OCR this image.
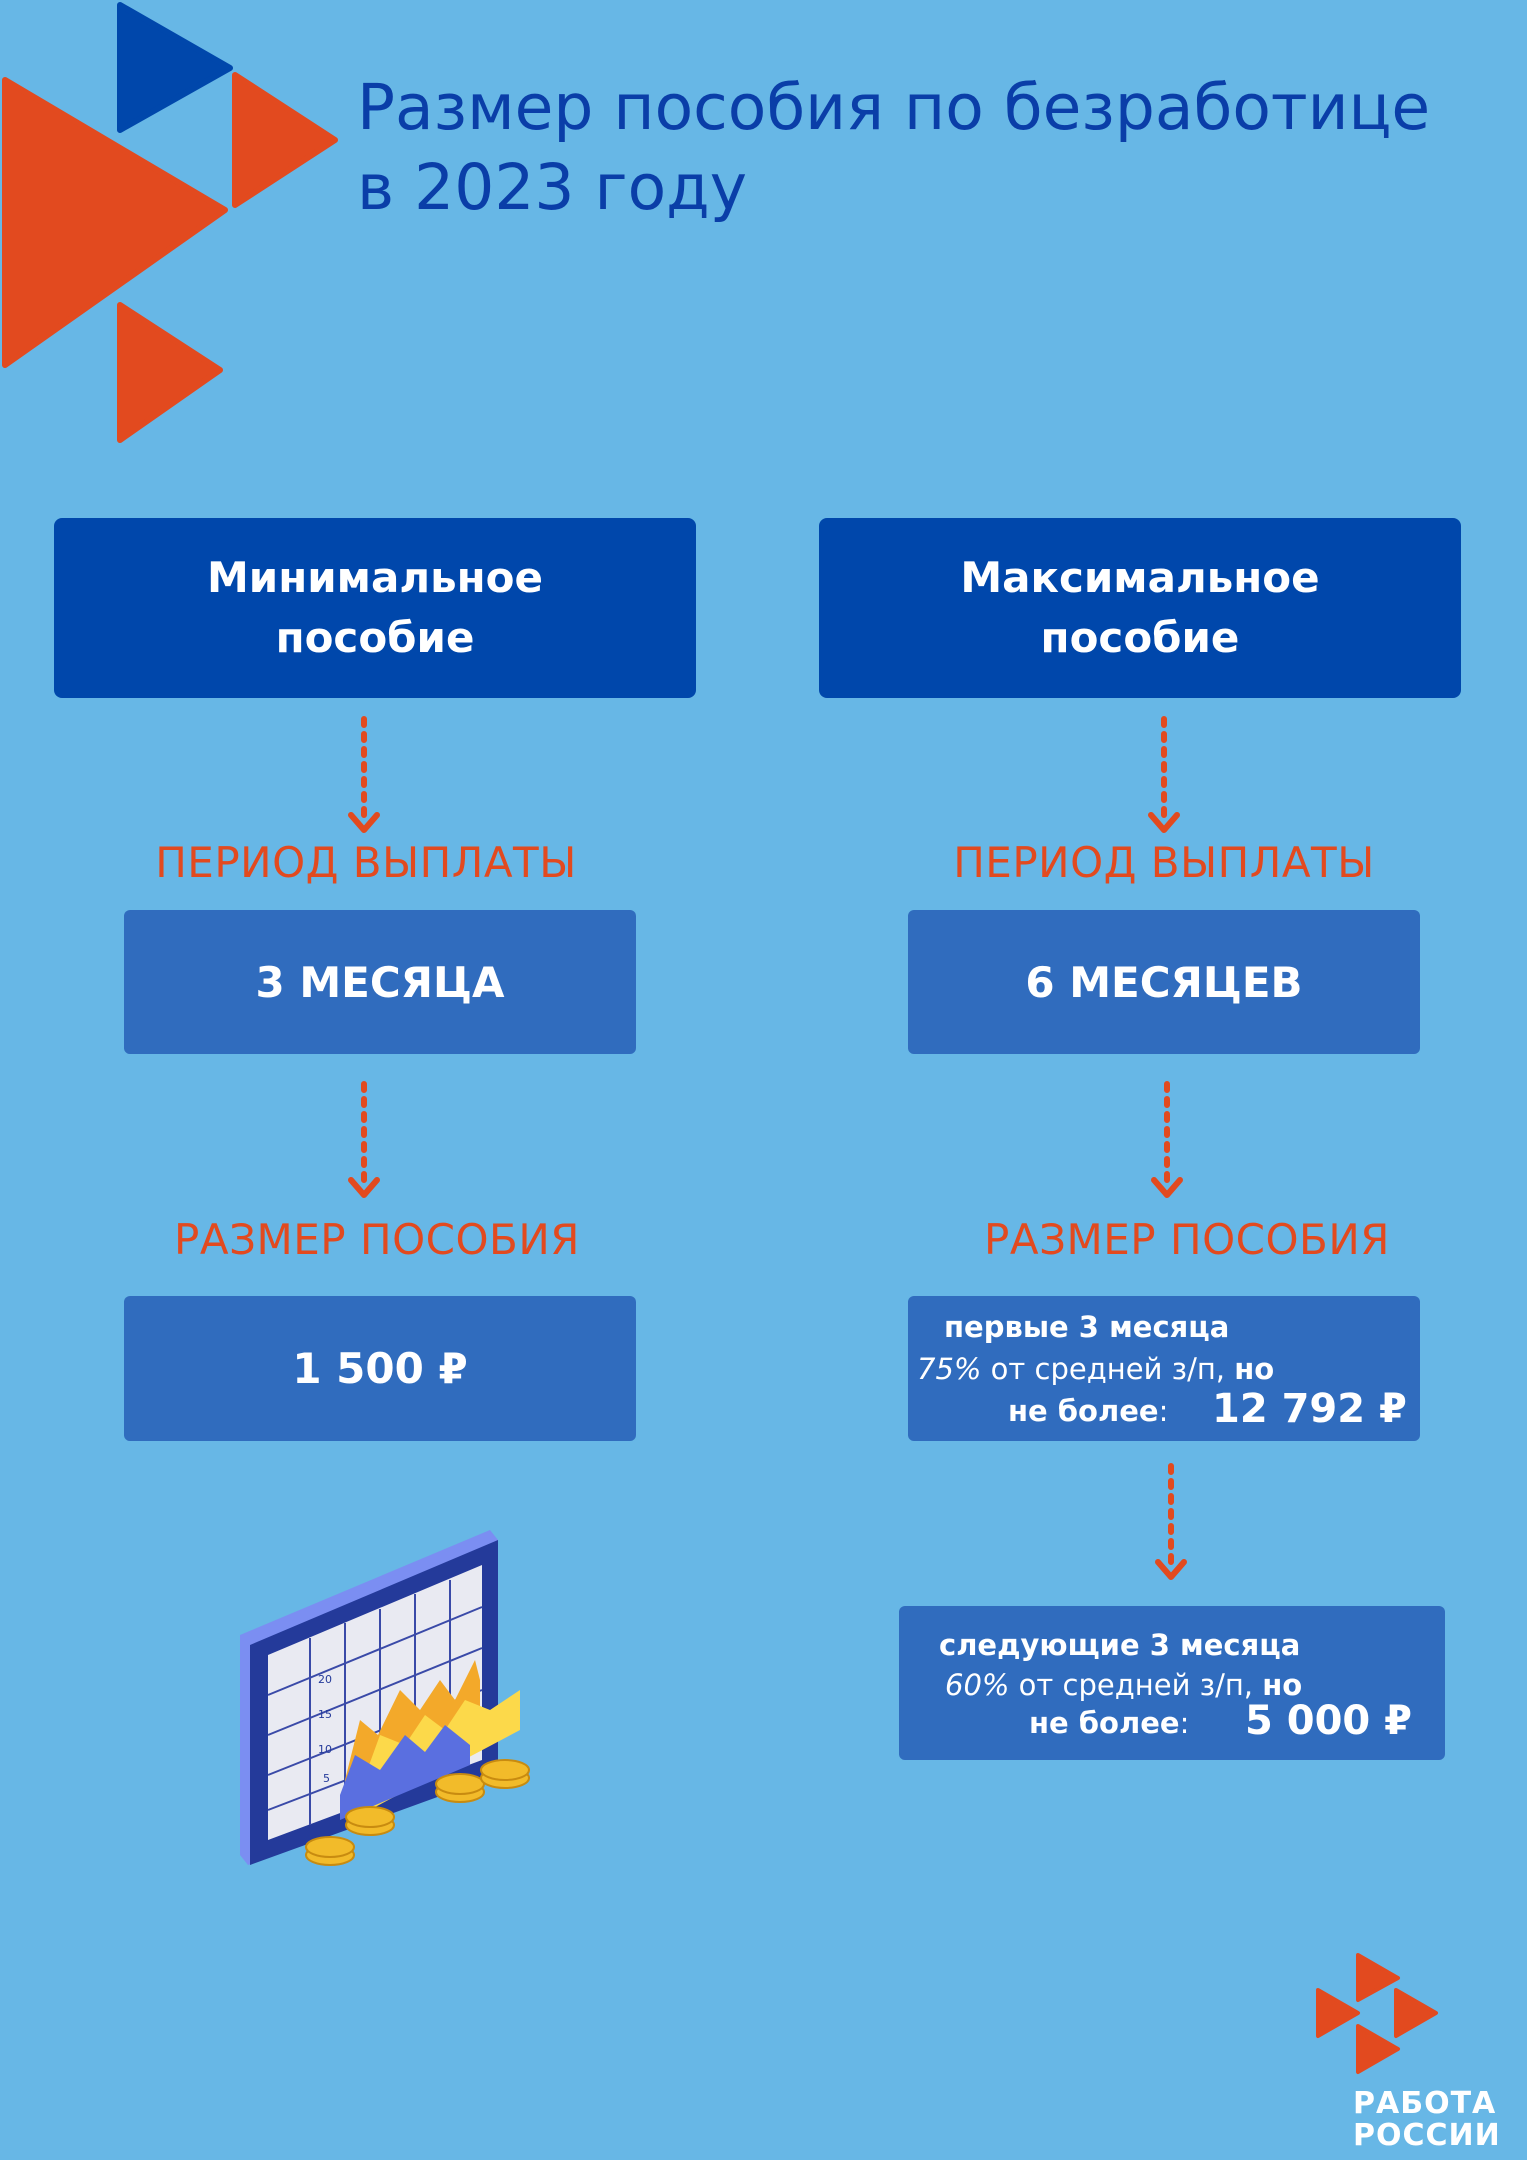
Размер пособия по безработице
в 2023 году
Минимальное
пособие
ПЕРИОД ВЫПЛАТЫ
3 МЕСЯЦА
РАЗМЕР ПОСОБИЯ
1 500 ₽
20
15
10
5
Максимальное
пособие
ПЕРИОД ВЫПЛАТЫ
6 МЕСЯЦЕВ
РАЗМЕР ПОСОБИЯ
первые 3 месяца
75% от средней з/п, но
не более: 12 792 ₽
следующие 3 месяца
60% от средней з/п, но
не более: 5 000 ₽
РАБОТА
РОССИИ
